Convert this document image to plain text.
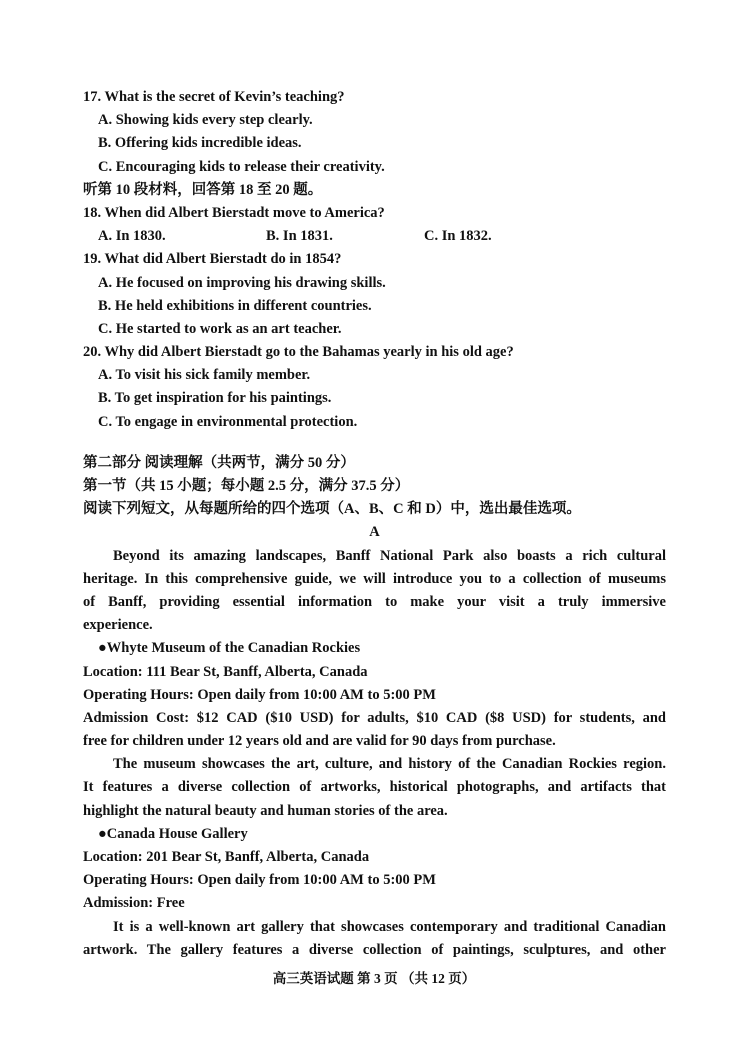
17. What is the secret of Kevin’s teaching?
A. Showing kids every step clearly.
B. Offering kids incredible ideas.
C. Encouraging kids to release their creativity.
听第 10 段材料，回答第 18 至 20 题。
18. When did Albert Bierstadt move to America?
A. In 1830.	B. In 1831.	C. In 1832.
19. What did Albert Bierstadt do in 1854?
A. He focused on improving his drawing skills.
B. He held exhibitions in different countries.
C. He started to work as an art teacher.
20. Why did Albert Bierstadt go to the Bahamas yearly in his old age?
A. To visit his sick family member.
B. To get inspiration for his paintings.
C. To engage in environmental protection.
第二部分 阅读理解（共两节，满分 50 分）
第一节（共 15 小题；每小题 2.5 分，满分 37.5 分）
阅读下列短文，从每题所给的四个选项（A、B、C 和 D）中，选出最佳选项。
A
Beyond its amazing landscapes, Banff National Park also boasts a rich cultural
heritage. In this comprehensive guide, we will introduce you to a collection of museums
of Banff, providing essential information to make your visit a truly immersive
experience.
●Whyte Museum of the Canadian Rockies
Location: 111 Bear St, Banff, Alberta, Canada
Operating Hours: Open daily from 10:00 AM to 5:00 PM
Admission Cost: $12 CAD ($10 USD) for adults, $10 CAD ($8 USD) for students, and
free for children under 12 years old and are valid for 90 days from purchase.
The museum showcases the art, culture, and history of the Canadian Rockies region.
It features a diverse collection of artworks, historical photographs, and artifacts that
highlight the natural beauty and human stories of the area.
●Canada House Gallery
Location: 201 Bear St, Banff, Alberta, Canada
Operating Hours: Open daily from 10:00 AM to 5:00 PM
Admission: Free
It is a well-known art gallery that showcases contemporary and traditional Canadian
artwork. The gallery features a diverse collection of paintings, sculptures, and other
高三英语试题 第 3 页 （共 12 页）
